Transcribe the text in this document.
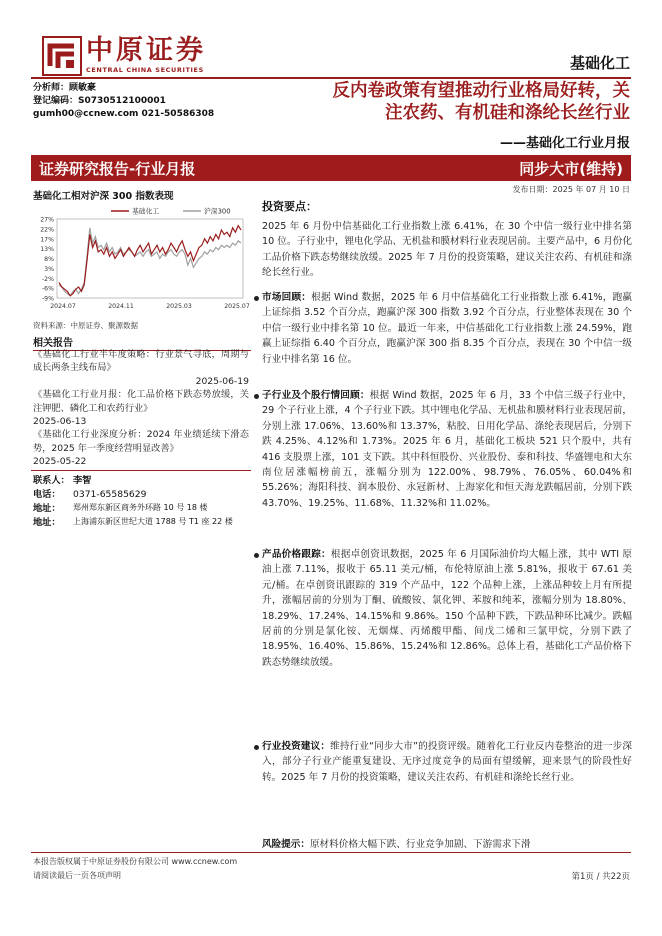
中原证券
CENTRAL CHINA SECURITIES	基础化工
分析师：顾敏豪
登记编码：S0730512100001
gumh00@ccnew.com 021-50586308
反内卷政策有望推动行业格局好转，关
注农药、有机硅和涤纶长丝行业
——基础化工行业月报
证券研究报告-行业月报	同步大市(维持)
发布日期：2025 年 07 月 10 日
基础化工相对沪深 300 指数表现
27%
22%
17%
13%
8%
3%
-2%
-6%
-9%
2024.07	2024.11	2025.03	2025.07
基础化工	沪深300
资料来源：中原证券、聚源数据
相关报告
《基础化工行业半年度策略：行业景气寻底，周期与成长两条主线布局》
2025-06-19
《基础化工行业月报：化工品价格下跌态势放缓，关注钾肥、磷化工和农药行业》
2025-06-13
《基础化工行业深度分析：2024 年业绩延续下滑态势，2025 年一季度经营明显改善》
2025-05-22
联系人： 李智
电话： 0371-65585629
地址： 郑州郑东新区商务外环路 10 号 18 楼
地址： 上海浦东新区世纪大道 1788 号 T1 座 22 楼
投资要点：
2025 年 6 月份中信基础化工行业指数上涨 6.41%，在 30 个中信一级行业中排名第 10 位。子行业中，锂电化学品、无机盐和膜材料行业表现居前。主要产品中，6 月份化工品价格下跌态势继续放缓。2025 年 7 月份的投资策略，建议关注农药、有机硅和涤纶长丝行业。
市场回顾：根据 Wind 数据，2025 年 6 月中信基础化工行业指数上涨 6.41%，跑赢上证综指 3.52 个百分点，跑赢沪深 300 指数 3.92 个百分点，行业整体表现在 30 个中信一级行业中排名第 10 位。最近一年来，中信基础化工行业指数上涨 24.59%，跑赢上证综指 6.40 个百分点，跑赢沪深 300 指 8.35 个百分点，表现在 30 个中信一级行业中排名第 16 位。
子行业及个股行情回顾：根据 Wind 数据，2025 年 6 月，33 个中信三级子行业中，29 个子行业上涨，4 个子行业下跌。其中锂电化学品、无机盐和膜材料行业表现居前，分别上涨 17.06%、13.60%和 13.37%，粘胶、日用化学品、涤纶表现居后，分别下跌 4.25%、4.12%和 1.73%。2025 年 6 月，基础化工板块 521 只个股中，共有 416 支股票上涨，101 支下跌。其中科恒股份、兴业股份、泰和科技、华盛锂电和大东南位居涨幅榜前五，涨幅分别为 122.00%、98.79%、76.05%、60.04%和 55.26%；海阳科技、润本股份、永冠新材、上海家化和恒天海龙跌幅居前，分别下跌 43.70%、19.25%、11.68%、11.32%和 11.02%。
产品价格跟踪：根据卓创资讯数据，2025 年 6 月国际油价均大幅上涨，其中 WTI 原油上涨 7.11%，报收于 65.11 美元/桶，布伦特原油上涨 5.81%，报收于 67.61 美元/桶。在卓创资讯跟踪的 319 个产品中，122 个品种上涨，上涨品种较上月有所提升，涨幅居前的分别为丁酮、硫酸铵、氯化钾、苯胺和纯苯，涨幅分别为 18.80%、18.29%、17.24%、14.15%和 9.86%。150 个品种下跌，下跌品种环比减少。跌幅居前的分别是氯化铵、无烟煤、丙烯酸甲酯、间戊二烯和三氯甲烷，分别下跌了 18.95%、16.40%、15.86%、15.24%和 12.86%。总体上看，基础化工产品价格下跌态势继续放缓。
行业投资建议：维持行业“同步大市”的投资评级。随着化工行业反内卷整治的进一步深入，部分子行业产能重复建设、无序过度竞争的局面有望缓解，迎来景气的阶段性好转。2025 年 7 月份的投资策略，建议关注农药、有机硅和涤纶长丝行业。
风险提示：原材料价格大幅下跌、行业竞争加剧、下游需求下滑
本报告版权属于中原证券股份有限公司 www.ccnew.com
请阅读最后一页各项声明	第1页 / 共22页
